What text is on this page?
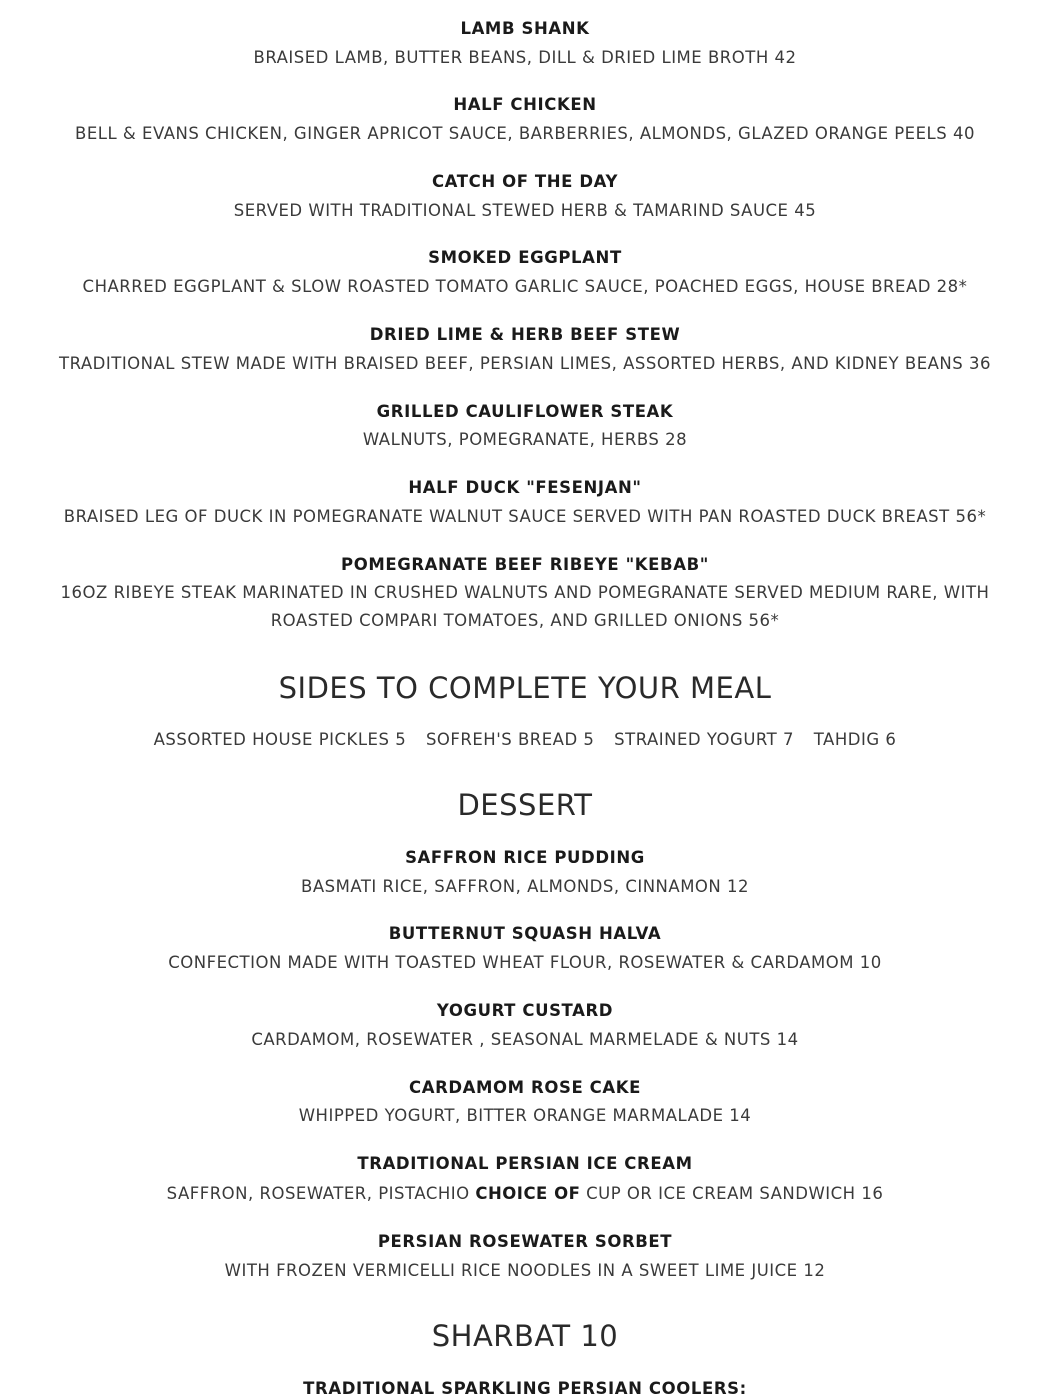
LAMB SHANK
BRAISED LAMB, BUTTER BEANS, DILL & DRIED LIME BROTH 42
HALF CHICKEN
BELL & EVANS CHICKEN, GINGER APRICOT SAUCE, BARBERRIES, ALMONDS, GLAZED ORANGE PEELS 40
CATCH OF THE DAY
SERVED WITH TRADITIONAL STEWED HERB & TAMARIND SAUCE 45
SMOKED EGGPLANT
CHARRED EGGPLANT & SLOW ROASTED TOMATO GARLIC SAUCE, POACHED EGGS, HOUSE BREAD 28*
DRIED LIME & HERB BEEF STEW
TRADITIONAL STEW MADE WITH BRAISED BEEF, PERSIAN LIMES, ASSORTED HERBS, AND KIDNEY BEANS 36
GRILLED CAULIFLOWER STEAK
WALNUTS, POMEGRANATE, HERBS 28
HALF DUCK "FESENJAN"
BRAISED LEG OF DUCK IN POMEGRANATE WALNUT SAUCE SERVED WITH PAN ROASTED DUCK BREAST 56*
POMEGRANATE BEEF RIBEYE "KEBAB"
16OZ RIBEYE STEAK MARINATED IN CRUSHED WALNUTS AND POMEGRANATE SERVED MEDIUM RARE, WITH ROASTED COMPARI TOMATOES, AND GRILLED ONIONS 56*
SIDES TO COMPLETE YOUR MEAL
ASSORTED HOUSE PICKLES 5 SOFREH'S BREAD 5 STRAINED YOGURT 7 TAHDIG 6
DESSERT
SAFFRON RICE PUDDING
BASMATI RICE, SAFFRON, ALMONDS, CINNAMON 12
BUTTERNUT SQUASH HALVA
CONFECTION MADE WITH TOASTED WHEAT FLOUR, ROSEWATER & CARDAMOM 10
YOGURT CUSTARD
CARDAMOM, ROSEWATER , SEASONAL MARMELADE & NUTS 14
CARDAMOM ROSE CAKE
WHIPPED YOGURT, BITTER ORANGE MARMALADE 14
TRADITIONAL PERSIAN ICE CREAM
SAFFRON, ROSEWATER, PISTACHIO CHOICE OF CUP OR ICE CREAM SANDWICH 16
PERSIAN ROSEWATER SORBET
WITH FROZEN VERMICELLI RICE NOODLES IN A SWEET LIME JUICE 12
SHARBAT 10
TRADITIONAL SPARKLING PERSIAN COOLERS:
